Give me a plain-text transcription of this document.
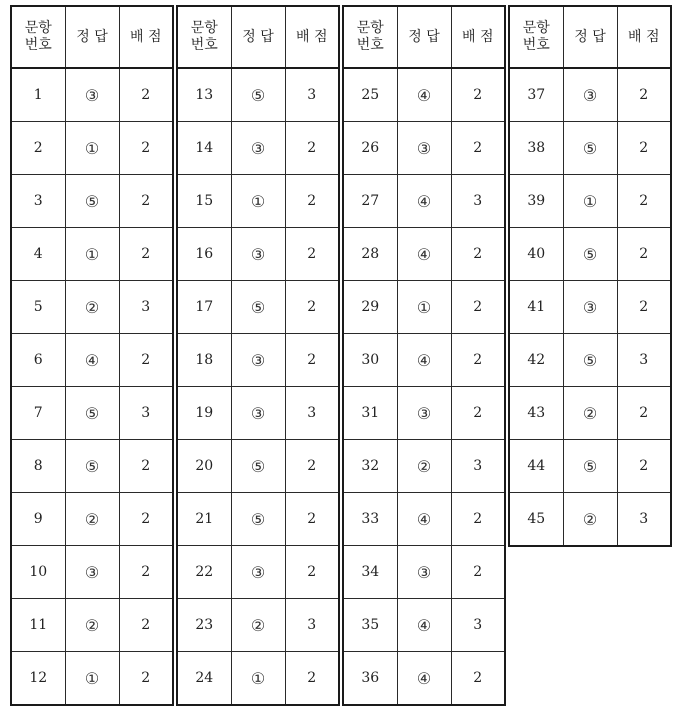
문항
번호	정 답	배 점
1	③	2
2	①	2
3	⑤	2
4	①	2
5	②	3
6	④	2
7	⑤	3
8	⑤	2
9	②	2
10	③	2
11	②	2
12	①	2
문항
번호	정 답	배 점
13	⑤	3
14	③	2
15	①	2
16	③	2
17	⑤	2
18	③	2
19	③	3
20	⑤	2
21	⑤	2
22	③	2
23	②	3
24	①	2
문항
번호	정 답	배 점
25	④	2
26	③	2
27	④	3
28	④	2
29	①	2
30	④	2
31	③	2
32	②	3
33	④	2
34	③	2
35	④	3
36	④	2
문항
번호	정 답	배 점
37	③	2
38	⑤	2
39	①	2
40	⑤	2
41	③	2
42	⑤	3
43	②	2
44	⑤	2
45	②	3
